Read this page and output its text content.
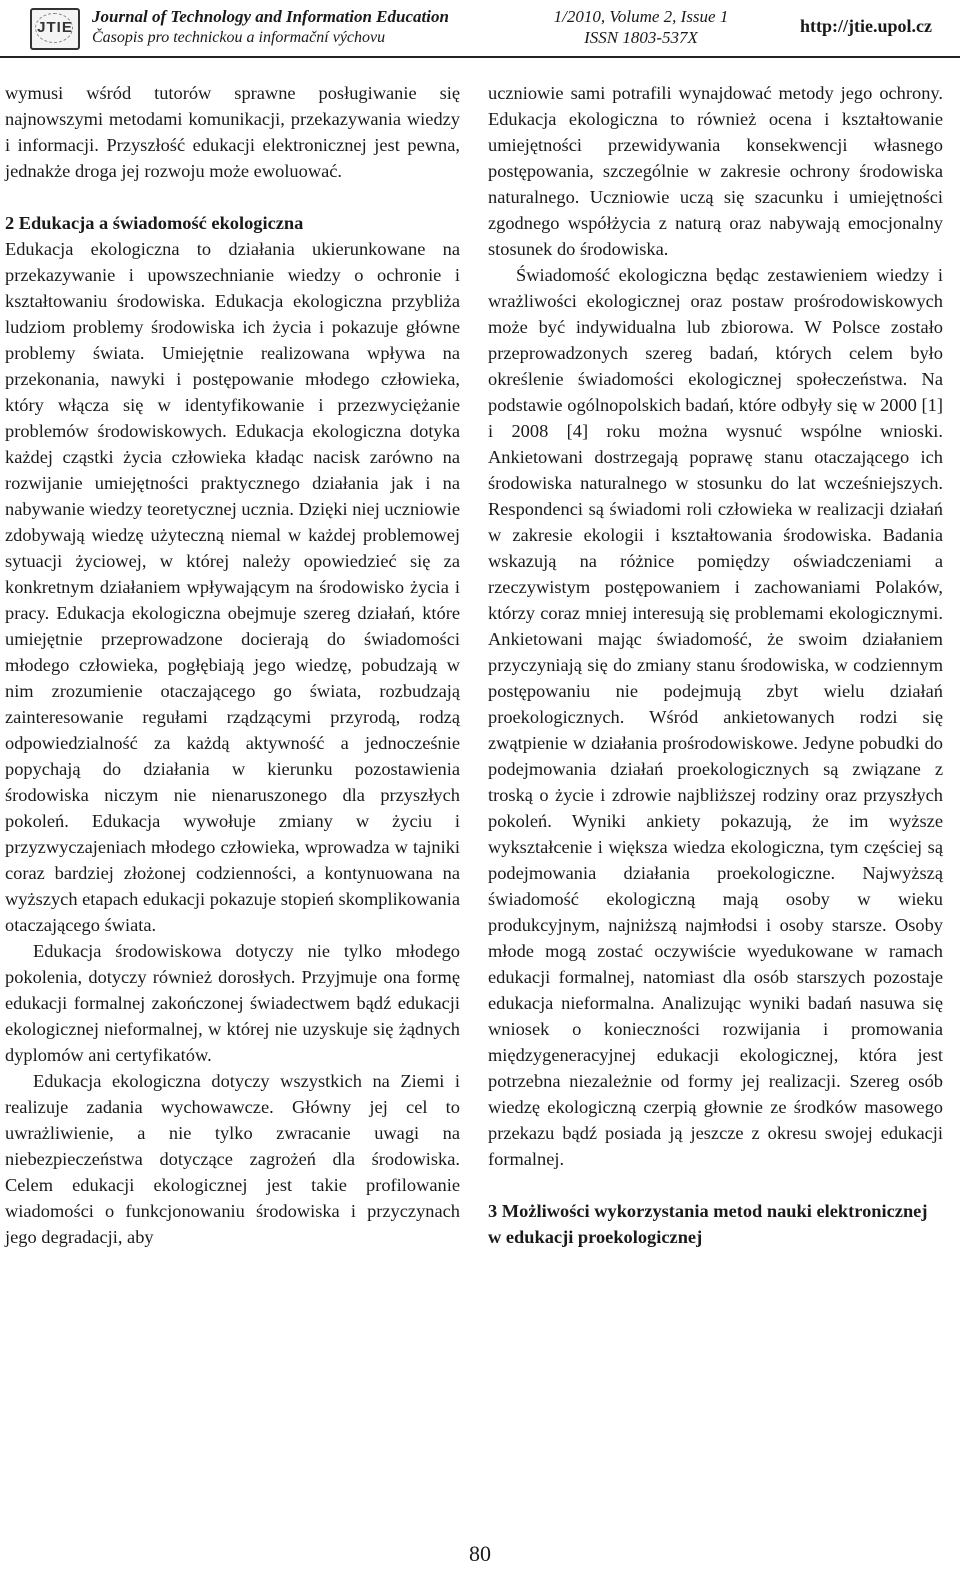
JTIE
Journal of Technology and Information Education
Časopis pro technickou a informační výchovu
1/2010, Volume 2, Issue 1
ISSN 1803-537X
http://jtie.upol.cz

wymusi wśród tutorów sprawne posługiwanie się najnowszymi metodami komunikacji, przekazywania wiedzy i informacji. Przyszłość edukacji elektronicznej jest pewna, jednakże droga jej rozwoju może ewoluować.

2 Edukacja a świadomość ekologiczna

Edukacja ekologiczna to działania ukierunkowane na przekazywanie i upowszechnianie wiedzy o ochronie i kształtowaniu środowiska. Edukacja ekologiczna przybliża ludziom problemy środowiska ich życia i pokazuje główne problemy świata. Umiejętnie realizowana wpływa na przekonania, nawyki i postępowanie młodego człowieka, który włącza się w identyfikowanie i przezwyciężanie problemów środowiskowych. Edukacja ekologiczna dotyka każdej cząstki życia człowieka kładąc nacisk zarówno na rozwijanie umiejętności praktycznego działania jak i na nabywanie wiedzy teoretycznej ucznia. Dzięki niej uczniowie zdobywają wiedzę użyteczną niemal w każdej problemowej sytuacji życiowej, w której należy opowiedzieć się za konkretnym działaniem wpływającym na środowisko życia i pracy. Edukacja ekologiczna obejmuje szereg działań, które umiejętnie przeprowadzone docierają do świadomości młodego człowieka, pogłębiają jego wiedzę, pobudzają w nim zrozumienie otaczającego go świata, rozbudzają zainteresowanie regułami rządzącymi przyrodą, rodzą odpowiedzialność za każdą aktywność a jednocześnie popychają do działania w kierunku pozostawienia środowiska niczym nie nienaruszonego dla przyszłych pokoleń. Edukacja wywołuje zmiany w życiu i przyzwyczajeniach młodego człowieka, wprowadza w tajniki coraz bardziej złożonej codzienności, a kontynuowana na wyższych etapach edukacji pokazuje stopień skomplikowania otaczającego świata.

Edukacja środowiskowa dotyczy nie tylko młodego pokolenia, dotyczy również dorosłych. Przyjmuje ona formę edukacji formalnej zakończonej świadectwem bądź edukacji ekologicznej nieformalnej, w której nie uzyskuje się żądnych dyplomów ani certyfikatów.

Edukacja ekologiczna dotyczy wszystkich na Ziemi i realizuje zadania wychowawcze. Główny jej cel to uwrażliwienie, a nie tylko zwracanie uwagi na niebezpieczeństwa dotyczące zagrożeń dla środowiska. Celem edukacji ekologicznej jest takie profilowanie wiadomości o funkcjonowaniu środowiska i przyczynach jego degradacji, aby

uczniowie sami potrafili wynajdować metody jego ochrony. Edukacja ekologiczna to również ocena i kształtowanie umiejętności przewidywania konsekwencji własnego postępowania, szczególnie w zakresie ochrony środowiska naturalnego. Uczniowie uczą się szacunku i umiejętności zgodnego współżycia z naturą oraz nabywają emocjonalny stosunek do środowiska.

Świadomość ekologiczna będąc zestawieniem wiedzy i wrażliwości ekologicznej oraz postaw prośrodowiskowych może być indywidualna lub zbiorowa. W Polsce zostało przeprowadzonych szereg badań, których celem było określenie świadomości ekologicznej społeczeństwa. Na podstawie ogólnopolskich badań, które odbyły się w 2000 [1] i 2008 [4] roku można wysnuć wspólne wnioski. Ankietowani dostrzegają poprawę stanu otaczającego ich środowiska naturalnego w stosunku do lat wcześniejszych. Respondenci są świadomi roli człowieka w realizacji działań w zakresie ekologii i kształtowania środowiska. Badania wskazują na różnice pomiędzy oświadczeniami a rzeczywistym postępowaniem i zachowaniami Polaków, którzy coraz mniej interesują się problemami ekologicznymi. Ankietowani mając świadomość, że swoim działaniem przyczyniają się do zmiany stanu środowiska, w codziennym postępowaniu nie podejmują zbyt wielu działań proekologicznych. Wśród ankietowanych rodzi się zwątpienie w działania prośrodowiskowe. Jedyne pobudki do podejmowania działań proekologicznych są związane z troską o życie i zdrowie najbliższej rodziny oraz przyszłych pokoleń. Wyniki ankiety pokazują, że im wyższe wykształcenie i większa wiedza ekologiczna, tym częściej są podejmowania działania proekologiczne. Najwyższą świadomość ekologiczną mają osoby w wieku produkcyjnym, najniższą najmłodsi i osoby starsze. Osoby młode mogą zostać oczywiście wyedukowane w ramach edukacji formalnej, natomiast dla osób starszych pozostaje edukacja nieformalna. Analizując wyniki badań nasuwa się wniosek o konieczności rozwijania i promowania międzygeneracyjnej edukacji ekologicznej, która jest potrzebna niezależnie od formy jej realizacji. Szereg osób wiedzę ekologiczną czerpią głownie ze środków masowego przekazu bądź posiada ją jeszcze z okresu swojej edukacji formalnej.

3 Możliwości wykorzystania metod nauki elektronicznej w edukacji proekologicznej
80
